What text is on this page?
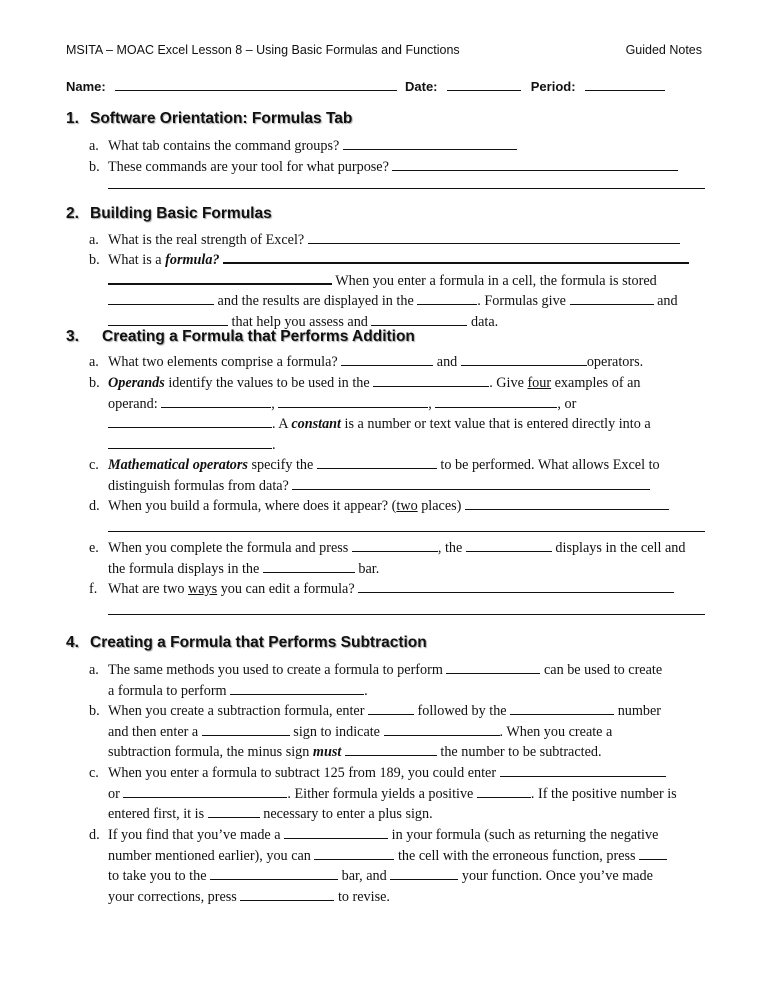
MSITA – MOAC Excel Lesson 8 – Using Basic Formulas and Functions	Guided Notes
Name:	Date:	Period:
1. Software Orientation: Formulas Tab
a. What tab contains the command groups?
b. These commands are your tool for what purpose?
2. Building Basic Formulas
a. What is the real strength of Excel?
b. What is a formula?
When you enter a formula in a cell, the formula is stored
and the results are displayed in the	. Formulas give	and
that help you assess and	data.
3. Creating a Formula that Performs Addition
a. What two elements comprise a formula?	and	operators.
b. Operands identify the values to be used in the	. Give four examples of an
operand:	,	,	, or
. A constant is a number or text value that is entered directly into a
.
c. Mathematical operators specify the	to be performed. What allows Excel to
distinguish formulas from data?
d. When you build a formula, where does it appear? (two places)
e. When you complete the formula and press	, the	displays in the cell and
the formula displays in the	bar.
f. What are two ways you can edit a formula?
4. Creating a Formula that Performs Subtraction
a. The same methods you used to create a formula to perform	can be used to create
a formula to perform	.
b. When you create a subtraction formula, enter	followed by the	number
and then enter a	sign to indicate	. When you create a
subtraction formula, the minus sign must	the number to be subtracted.
c. When you enter a formula to subtract 125 from 189, you could enter
or	. Either formula yields a positive	. If the positive number is
entered first, it is	necessary to enter a plus sign.
d. If you find that you’ve made a	in your formula (such as returning the negative
number mentioned earlier), you can	the cell with the erroneous function, press
to take you to the	bar, and	your function. Once you’ve made
your corrections, press	to revise.
